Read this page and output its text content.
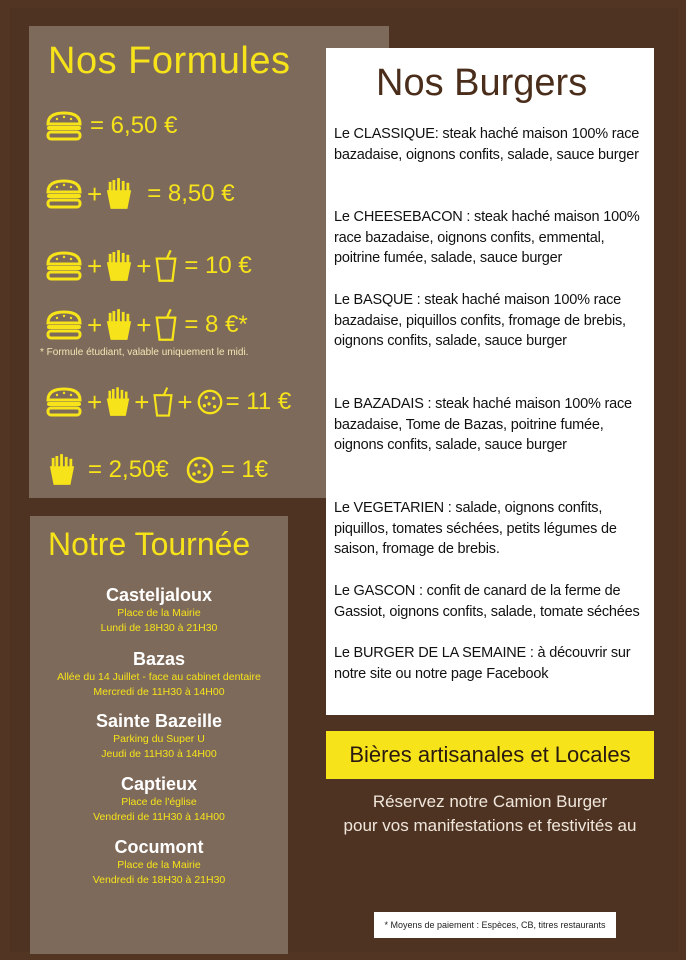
Nos Formules
= 6,50 €
+ = 8,50 €
+ + = 10 €
+ + = 8 €*
* Formule étudiant, valable uniquement le midi.
+ + + = 11 €
= 2,50€ = 1€
Nos Burgers
Le CLASSIQUE: steak haché maison 100% race bazadaise, oignons confits, salade, sauce burger
Le CHEESEBACON : steak haché maison 100% race bazadaise, oignons confits, emmental, poitrine fumée, salade, sauce burger
Le BASQUE : steak haché maison 100% race bazadaise, piquillos confits, fromage de brebis, oignons confits, salade, sauce burger
Le BAZADAIS : steak haché maison 100% race bazadaise, Tome de Bazas, poitrine fumée, oignons confits, salade, sauce burger
Le VEGETARIEN : salade, oignons confits, piquillos, tomates séchées, petits légumes de saison, fromage de brebis.
Le GASCON : confit de canard de la ferme de Gassiot, oignons confits, salade, tomate séchées
Le BURGER DE LA SEMAINE : à découvrir sur notre site ou notre page Facebook
Notre Tournée
Casteljaloux
Place de la Mairie
Lundi de 18H30 à 21H30
Bazas
Allée du 14 Juillet - face au cabinet dentaire
Mercredi de 11H30 à 14H00
Sainte Bazeille
Parking du Super U
Jeudi de 11H30 à 14H00
Captieux
Place de l'église
Vendredi de 11H30 à 14H00
Cocumont
Place de la Mairie
Vendredi de 18H30 à 21H30
Bières artisanales et Locales
Réservez notre Camion Burger
pour vos manifestations et festivités au
* Moyens de paiement : Espèces, CB, titres restaurants
